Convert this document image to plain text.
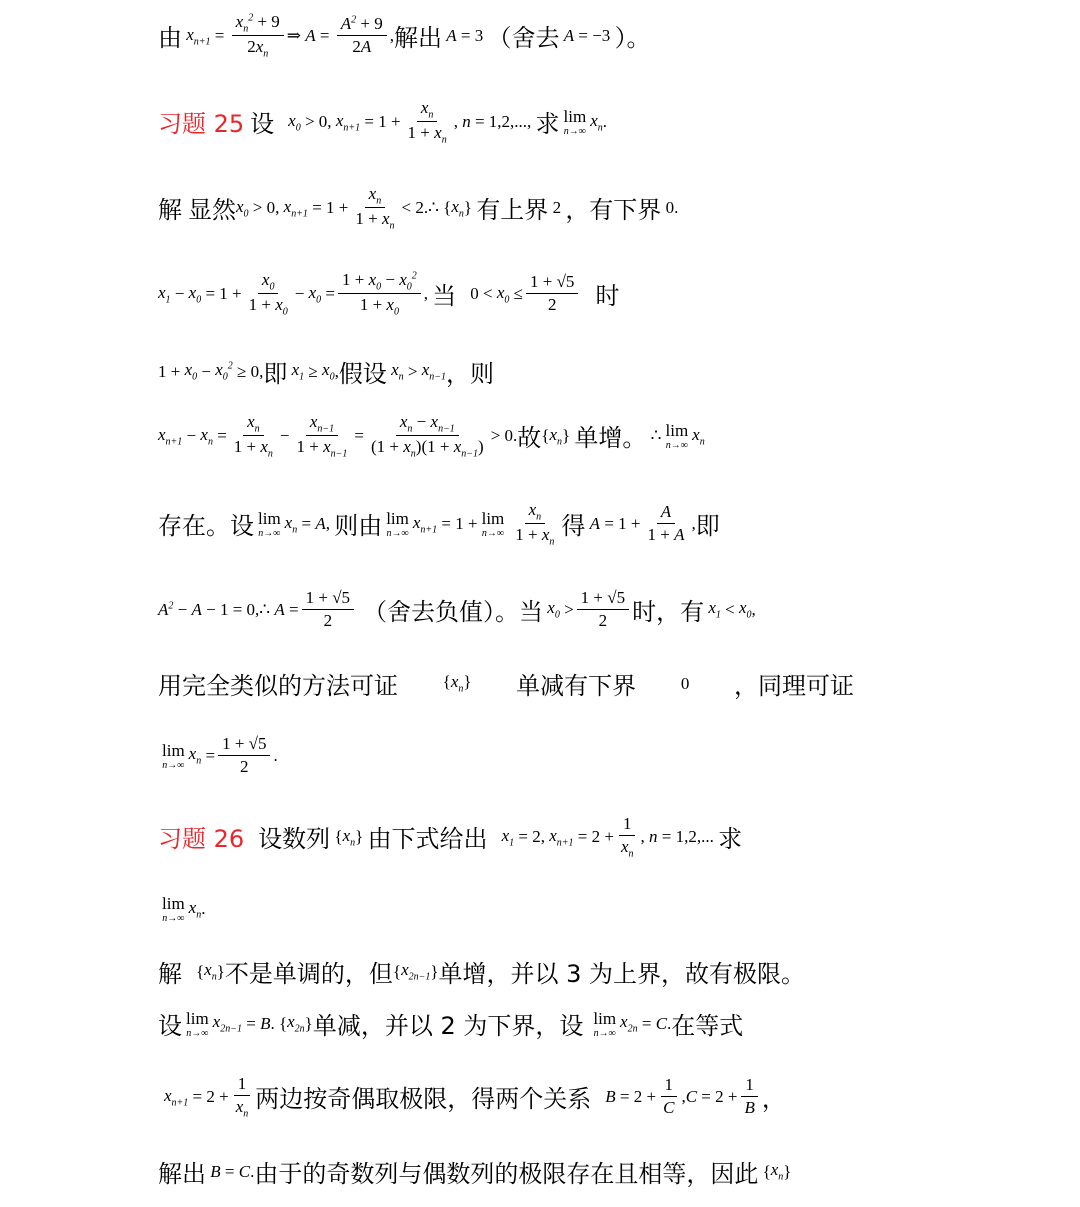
由 $x_{n+1} = \frac{x_n^2 + 9}{2x_n}$ ⇒ $A = \frac{A^2 + 9}{2A}$ , 解出 A = 3 （舍去 A = −3 ）。
习题 25 设 $x_0 > 0$, $x_{n+1} = 1 + \frac{x_n}{1 + x_n}$ , n = 1,2,..., 求 lim
n→∞
$x_n$ .
解 显然 $x_0 > 0$, $x_{n+1} = 1 + \frac{x_n}{1 + x_n}$ < 2.∴ { $x_n$ } 有上界 2 ，有下界 0.
$x_1 - x_0 = 1 + \frac{x_0}{1 + x_0} - x_0 = \frac{1 + x_0 - x_0^2}{1 + x_0}$ , 当 $0 < x_0 \le \frac{1 + √5}{2}$ 时
$1 + x_0 - x_0^2 \ge 0$, 即 $x_1 \ge x_0$ , 假设 $x_n > x_{n-1}$ ，则
$x_{n+1} - x_n = \frac{x_n}{1 + x_n} - \frac{x_{n-1}}{1 + x_{n-1}} = \frac{x_n - x_{n-1}}{(1 + x_n)(1 + x_{n-1})} > 0$. 故 { $x_n$ } 单增。 ∴ lim
n→∞
$x_n$
存在。设 lim
n→∞
$x_n = A$ , 则由 lim
n→∞
$x_{n+1} = 1 + \lim$
$n\to\infty \frac{x_n}{1 + x_n}$ 得 $A = 1 + \frac{A}{1 + A}$ , 即
$A^2 - A - 1$ = 0,∴ $A = \frac{1 + √5}{2}$ （舍去负值）。当 $x_0 > \frac{1 + √5}{2}$ 时，有 $x_1 < x_0$ ,
用完全类似的方法可证	$\{x_n\}$ 单减有下界	0 ，同理可证
lim
n→∞
$x_n = \frac{1 + √5}{2}$ .
习题 26 设数列 { $x_n$ } 由下式给出 $x_1 = 2$, $x_{n+1} = 2 + \frac{1}{x_n}$ , n = 1,2,... 求
lim
n→∞
$x_n$ .
解 { $x_n$ } 不是单调的，但 { $x_{2n-1}$ } 单增，并以 3 为上界，故有极限。
设 lim
n→∞
$x_{2n-1} = B$ . { $x_{2n}$ } 单减，并以 2 为下界，设 lim
n→∞
$x_{2n} = C$ . 在等式
$x_{n+1} = 2 + \frac{1}{x_n}$ 两边按奇偶取极限，得两个关系 $B = 2 + \frac{1}{C}$ , $C = 2 + \frac{1}{B}$ ，
解出 B = C . 由于的奇数列与偶数列的极限存在且相等，因此 { $x_n$ }
